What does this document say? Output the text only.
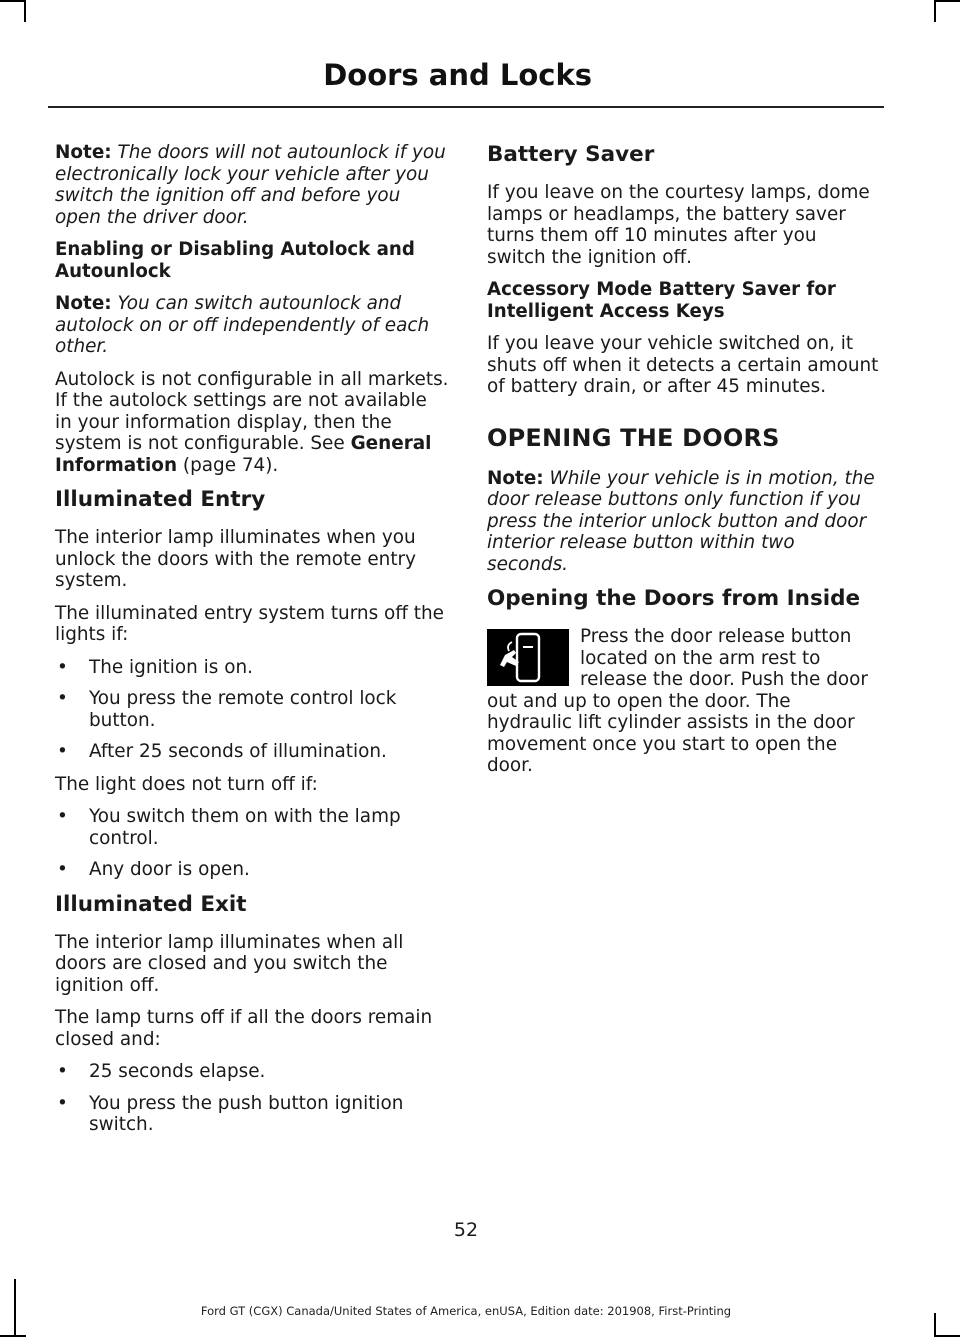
Doors and Locks

Note: The doors will not autounlock if you electronically lock your vehicle after you switch the ignition off and before you open the driver door.

Enabling or Disabling Autolock and Autounlock

Note: You can switch autounlock and autolock on or off independently of each other.

Autolock is not configurable in all markets. If the autolock settings are not available in your information display, then the system is not configurable. See General Information (page 74).

Illuminated Entry

The interior lamp illuminates when you unlock the doors with the remote entry system.

The illuminated entry system turns off the lights if:

• The ignition is on.
• You press the remote control lock button.
• After 25 seconds of illumination.

The light does not turn off if:

• You switch them on with the lamp control.
• Any door is open.
Illuminated Exit

The interior lamp illuminates when all doors are closed and you switch the ignition off.

The lamp turns off if all the doors remain closed and:

• 25 seconds elapse.
• You press the push button ignition switch.
Battery Saver

If you leave on the courtesy lamps, dome lamps or headlamps, the battery saver turns them off 10 minutes after you switch the ignition off.

Accessory Mode Battery Saver for Intelligent Access Keys

If you leave your vehicle switched on, it shuts off when it detects a certain amount of battery drain, or after 45 minutes.

OPENING THE DOORS

Note: While your vehicle is in motion, the door release buttons only function if you press the interior unlock button and door interior release button within two seconds.

Opening the Doors from Inside

Press the door release button located on the arm rest to release the door. Push the door out and up to open the door. The hydraulic lift cylinder assists in the door movement once you start to open the door.

52
Ford GT (CGX) Canada/United States of America, enUSA, Edition date: 201908, First-Printing
